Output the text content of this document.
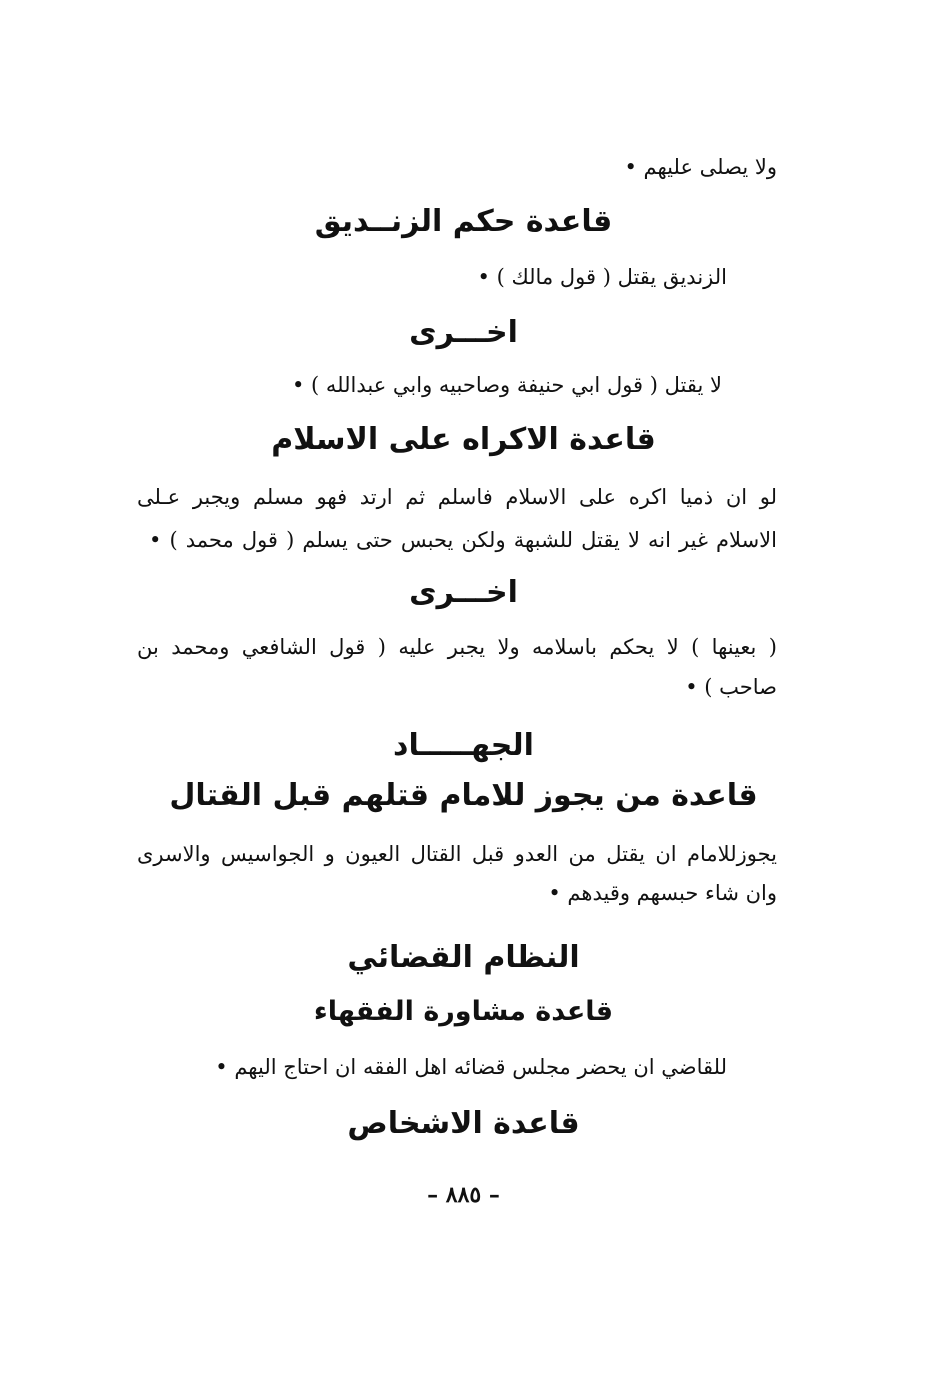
ولا يصلى عليهم •
قاعدة حكم الزنــديق
الزنديق يقتل ( قول مالك ) •
اخـــرى
لا يقتل ( قول ابي حنيفة وصاحبيه وابي عبدالله ) •
قاعدة الاكراه على الاسلام
لو ان ذميا اكره على الاسلام فاسلم ثم ارتد فهو مسلم ويجبر عـلى
الاسلام غير انه لا يقتل للشبهة ولكن يحبس حتى يسلم ( قول محمد ) •
اخـــرى
( بعينها ) لا يحكم باسلامه ولا يجبر عليه ( قول الشافعي ومحمد بن
صاحب ) •
الجهـــــاد
قاعدة من يجوز للامام قتلهم قبل القتال
يجوزللامام ان يقتل من العدو قبل القتال العيون و الجواسيس والاسرى
وان شاء حبسهم وقيدهم •
النظام القضائي
قاعدة مشاورة الفقهاء
للقاضي ان يحضر مجلس قضائه اهل الفقه ان احتاج اليهم •
قاعدة الاشخاص
– ٨٨٥ –
